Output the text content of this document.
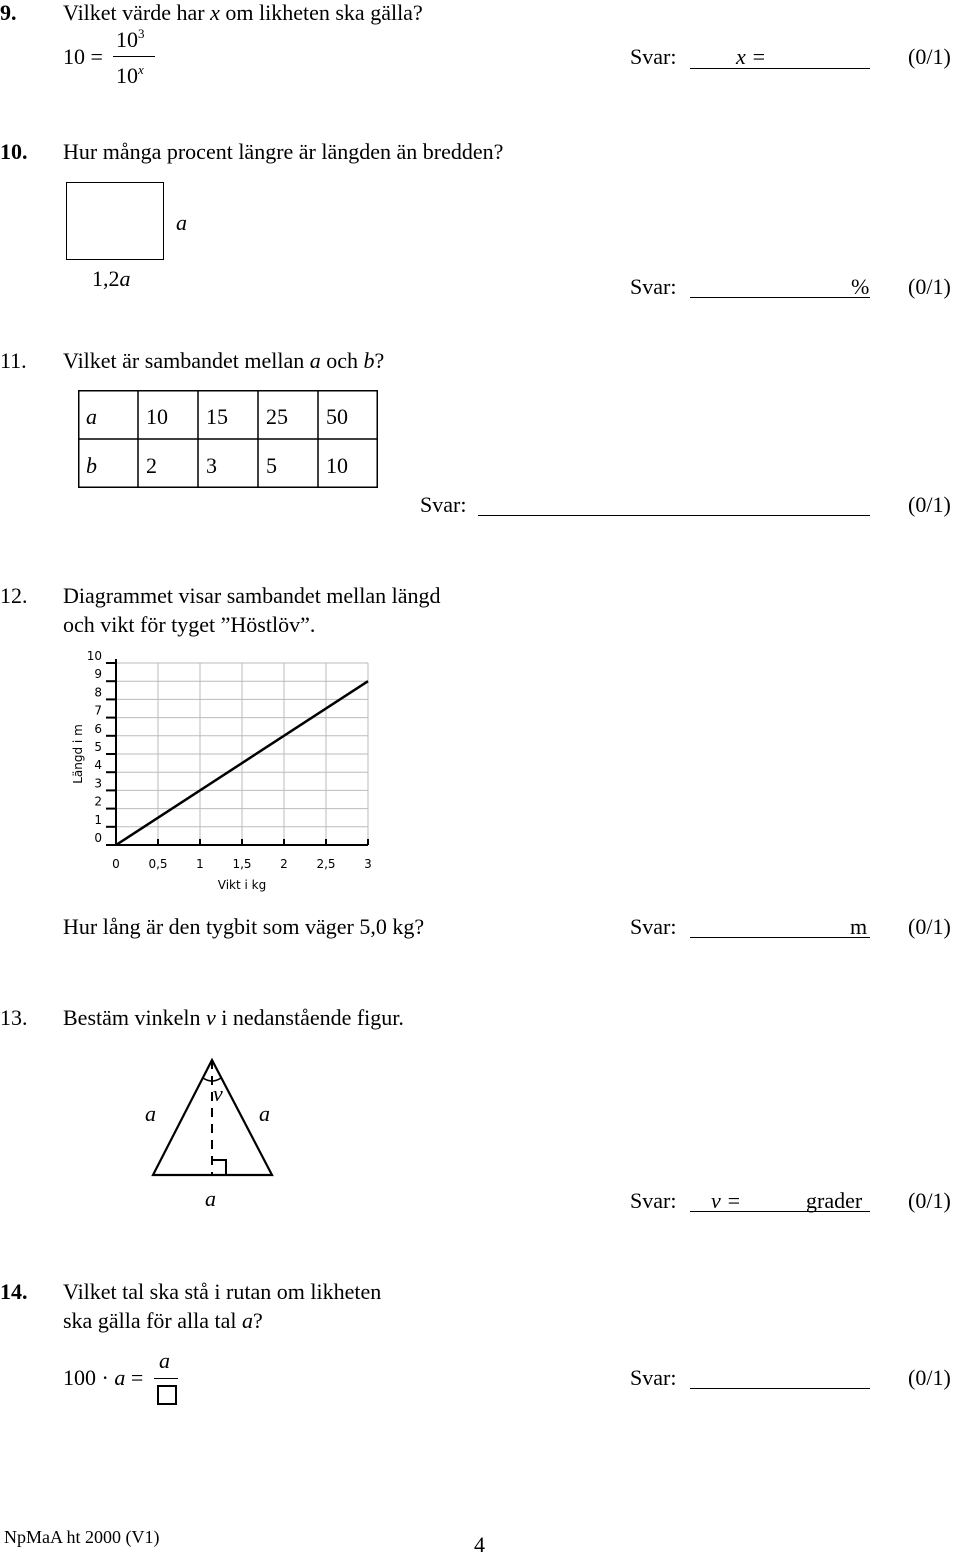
9. Vilket värde har x om likheten ska gälla?
10 =
$10^3$
10$^x$
Svar:	x =	(0/1)
10. Hur många procent längre är längden än bredden?
a
1,2a	Svar:	% (0/1)
11. Vilket är sambandet mellan a och b?
a 10 15 25 50
b 2 3 5 10
Svar:	(0/1)
12. Diagrammet visar sambandet mellan längd
och vikt för tyget ”Höstlöv”.
0 0,5 1 1,5 2 2,5 3
0
1
2
3
4
5
6
7
8
9
10
Vikt i kg
Längd i m
Hur lång är den tygbit som väger 5,0 kg?	Svar:	m (0/1)
13. Bestäm vinkeln v i nedanstående figur.
v
a	a
a	Svar: v =	grader (0/1)
14. Vilket tal ska stå i rutan om likheten
ska gälla för alla tal a?
100 · a =
a
Svar:	(0/1)
NpMaA ht 2000 (V1)	4
